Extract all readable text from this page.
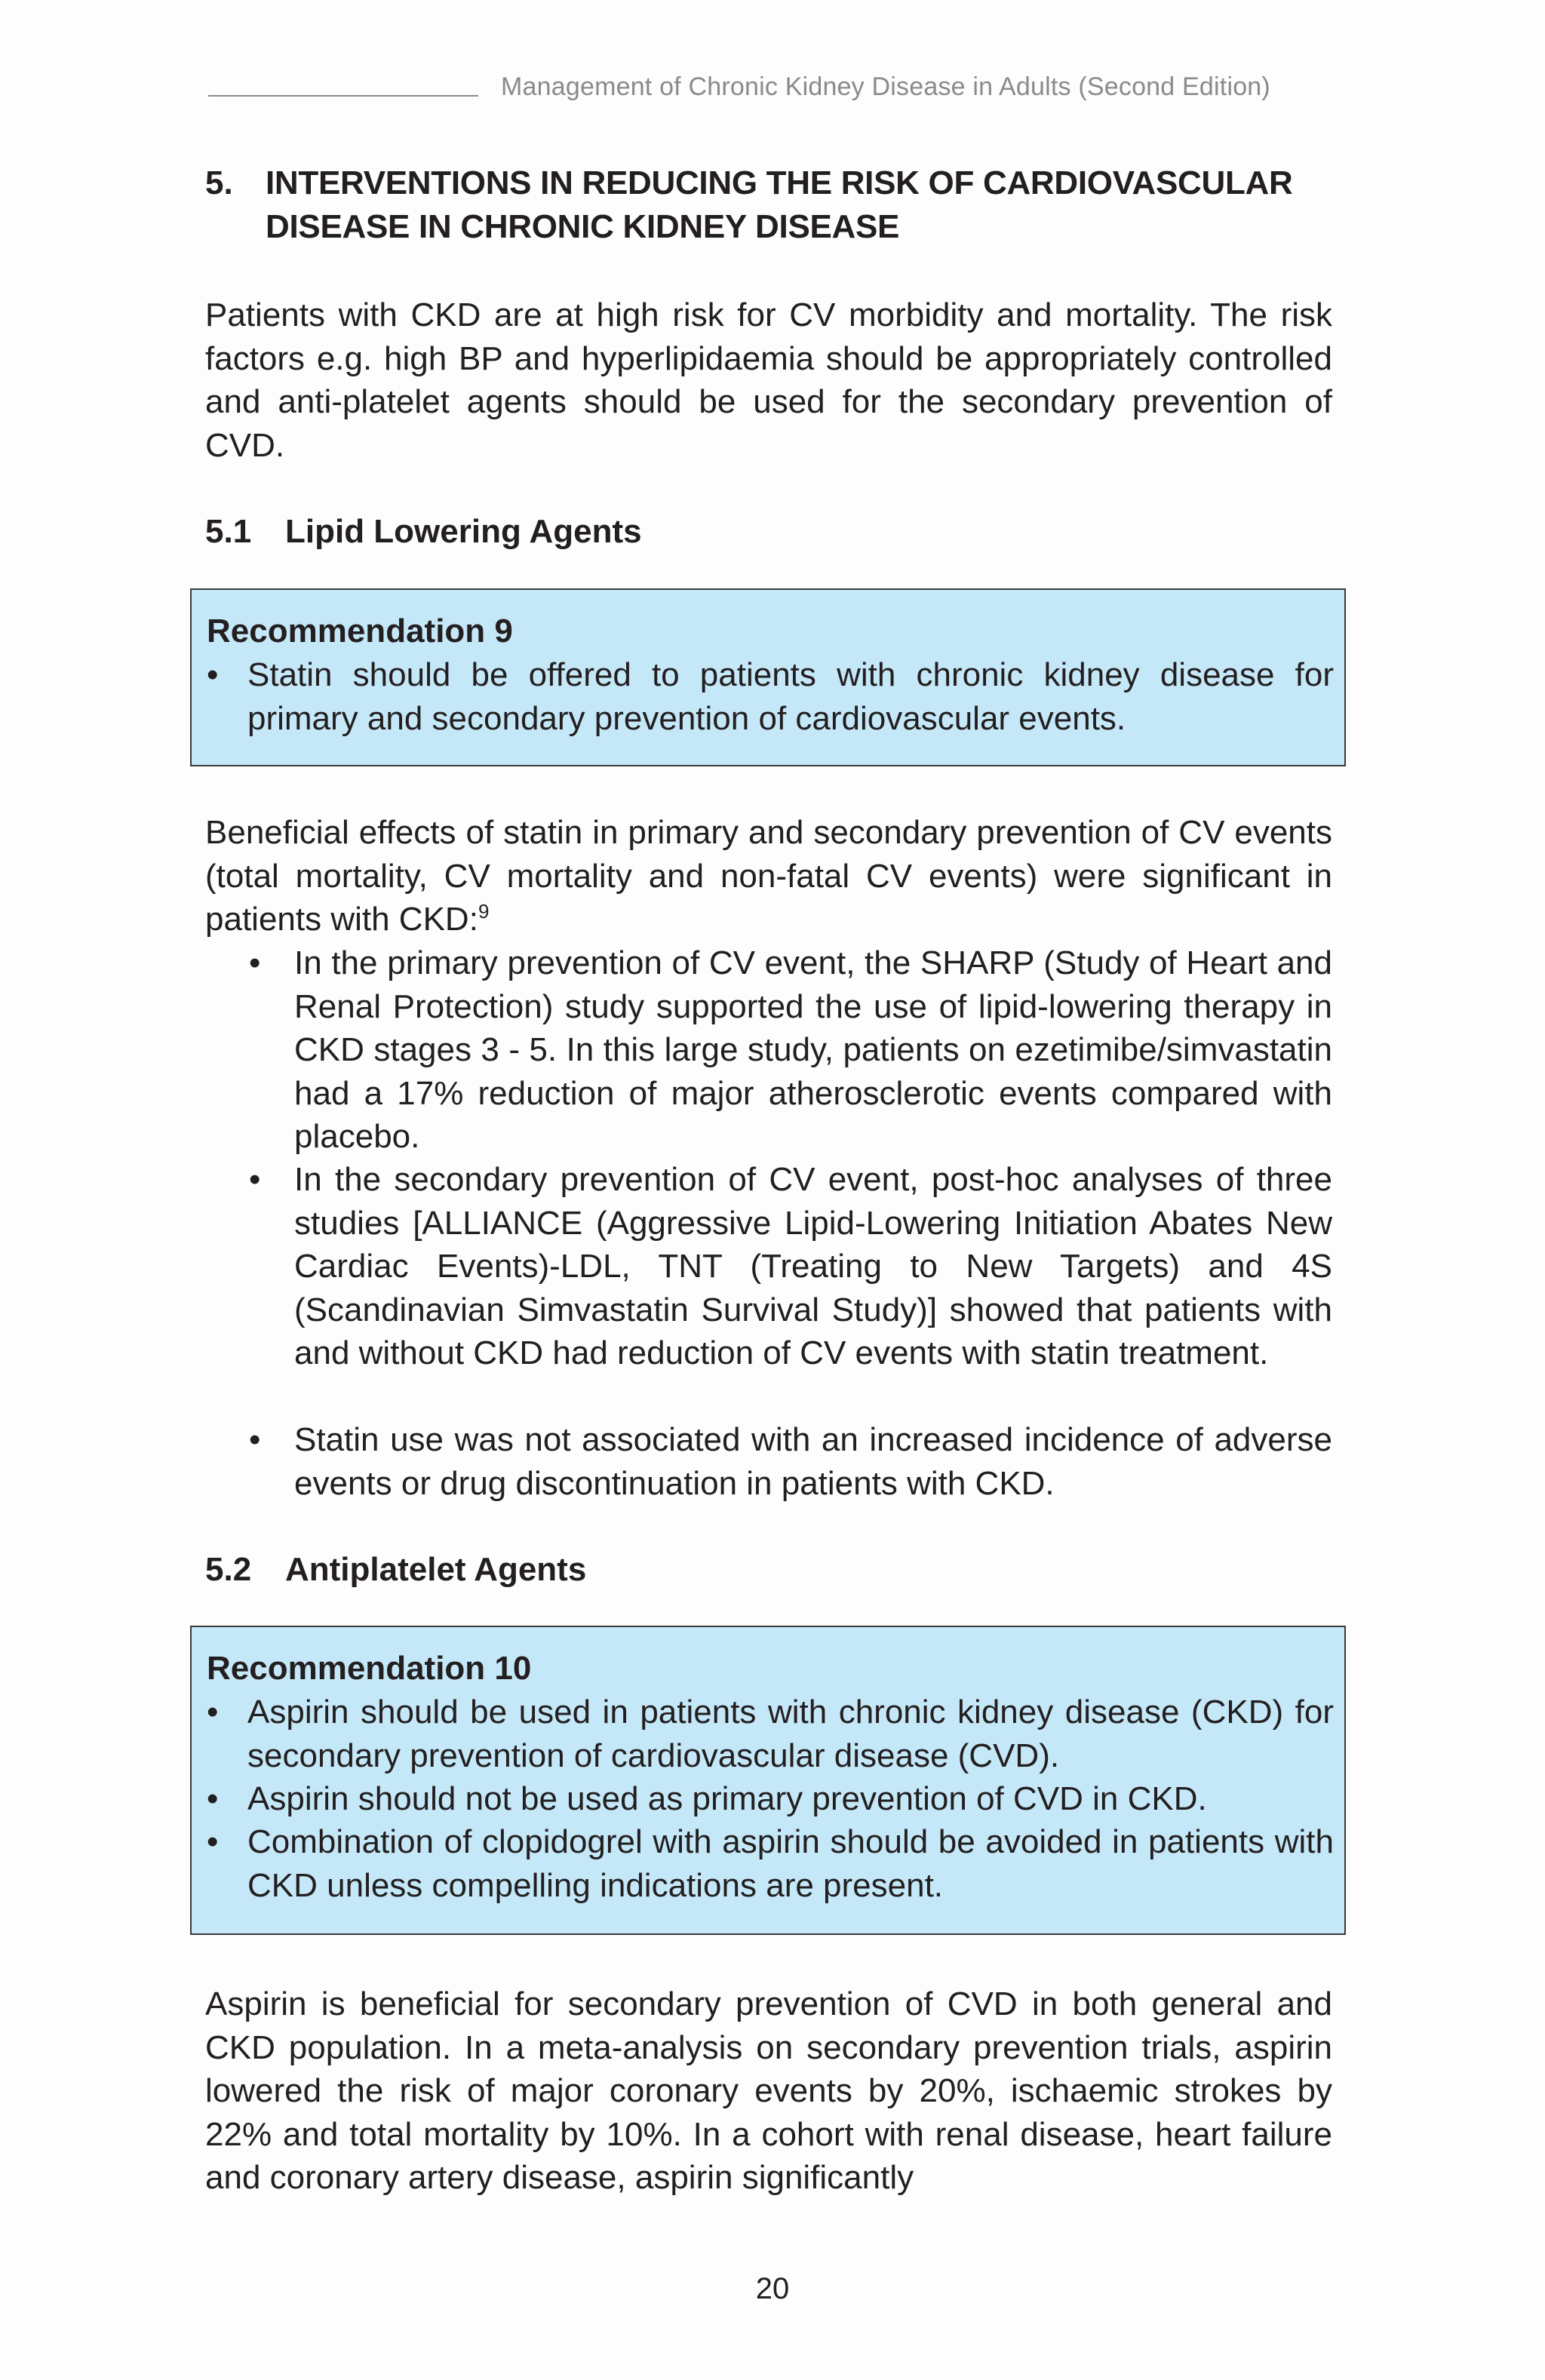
Management of Chronic Kidney Disease in Adults (Second Edition)
5. INTERVENTIONS IN REDUCING THE RISK OF CARDIOVASCULAR DISEASE IN CHRONIC KIDNEY DISEASE
Patients with CKD are at high risk for CV morbidity and mortality. The risk factors e.g. high BP and hyperlipidaemia should be appropriately controlled and anti-platelet agents should be used for the secondary prevention of CVD.
5.1 Lipid Lowering Agents
Recommendation 9
• Statin should be offered to patients with chronic kidney disease for primary and secondary prevention of cardiovascular events.
Beneficial effects of statin in primary and secondary prevention of CV events (total mortality, CV mortality and non-fatal CV events) were significant in patients with CKD:$^9$
• In the primary prevention of CV event, the SHARP (Study of Heart and Renal Protection) study supported the use of lipid-lowering therapy in CKD stages 3 - 5. In this large study, patients on ezetimibe/simvastatin had a 17% reduction of major atherosclerotic events compared with placebo.
• In the secondary prevention of CV event, post-hoc analyses of three studies [ALLIANCE (Aggressive Lipid-Lowering Initiation Abates New Cardiac Events)-LDL, TNT (Treating to New Targets) and 4S (Scandinavian Simvastatin Survival Study)] showed that patients with and without CKD had reduction of CV events with statin treatment.
• Statin use was not associated with an increased incidence of adverse events or drug discontinuation in patients with CKD.
5.2 Antiplatelet Agents
Recommendation 10
• Aspirin should be used in patients with chronic kidney disease (CKD) for secondary prevention of cardiovascular disease (CVD).
• Aspirin should not be used as primary prevention of CVD in CKD.
• Combination of clopidogrel with aspirin should be avoided in patients with CKD unless compelling indications are present.
Aspirin is beneficial for secondary prevention of CVD in both general and CKD population. In a meta-analysis on secondary prevention trials, aspirin lowered the risk of major coronary events by 20%, ischaemic strokes by 22% and total mortality by 10%. In a cohort with renal disease, heart failure and coronary artery disease, aspirin significantly
20
